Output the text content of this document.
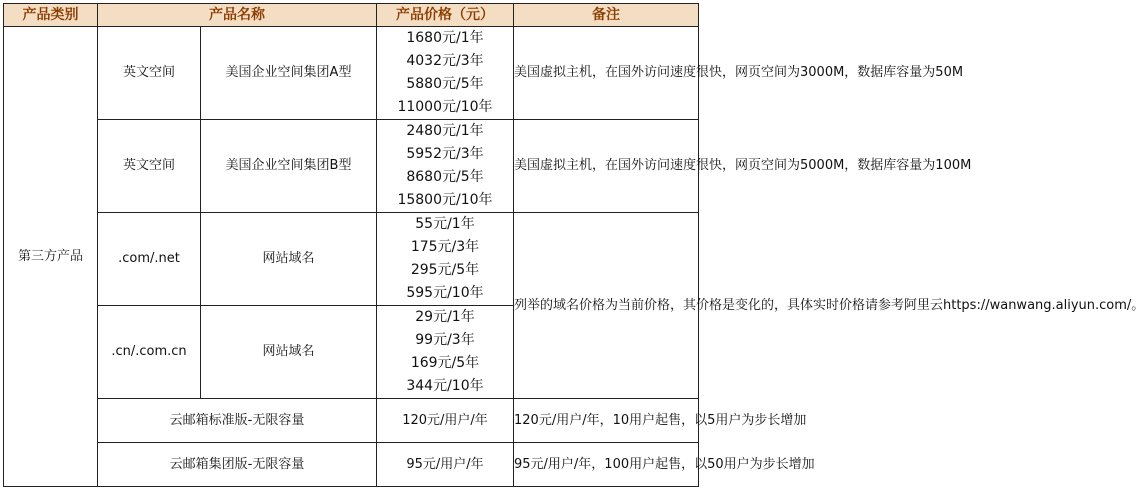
产品类别	产品名称		产品价格（元）	备注
第三方产品	英文空间	美国企业空间集团A型	1680元/1年
4032元/3年
5880元/5年
11000元/10年	美国虚拟主机，在国外访问速度很快，网页空间为3000M，数据库容量为50M
	英文空间	美国企业空间集团B型	2480元/1年
5952元/3年
8680元/5年
15800元/10年	美国虚拟主机，在国外访问速度很快，网页空间为5000M，数据库容量为100M
	.com/.net	网站域名	55元/1年
175元/3年
295元/5年
595元/10年	列举的域名价格为当前价格，其价格是变化的，具体实时价格请参考阿里云https://wanwang.aliyun.com/。
	.cn/.com.cn	网站域名	29元/1年
99元/3年
169元/5年
344元/10年	

	云邮箱标准版-无限容量		120元/用户/年	120元/用户/年，10用户起售，以5用户为步长增加
	云邮箱集团版-无限容量		95元/用户/年	95元/用户/年，100用户起售，以50用户为步长增加
